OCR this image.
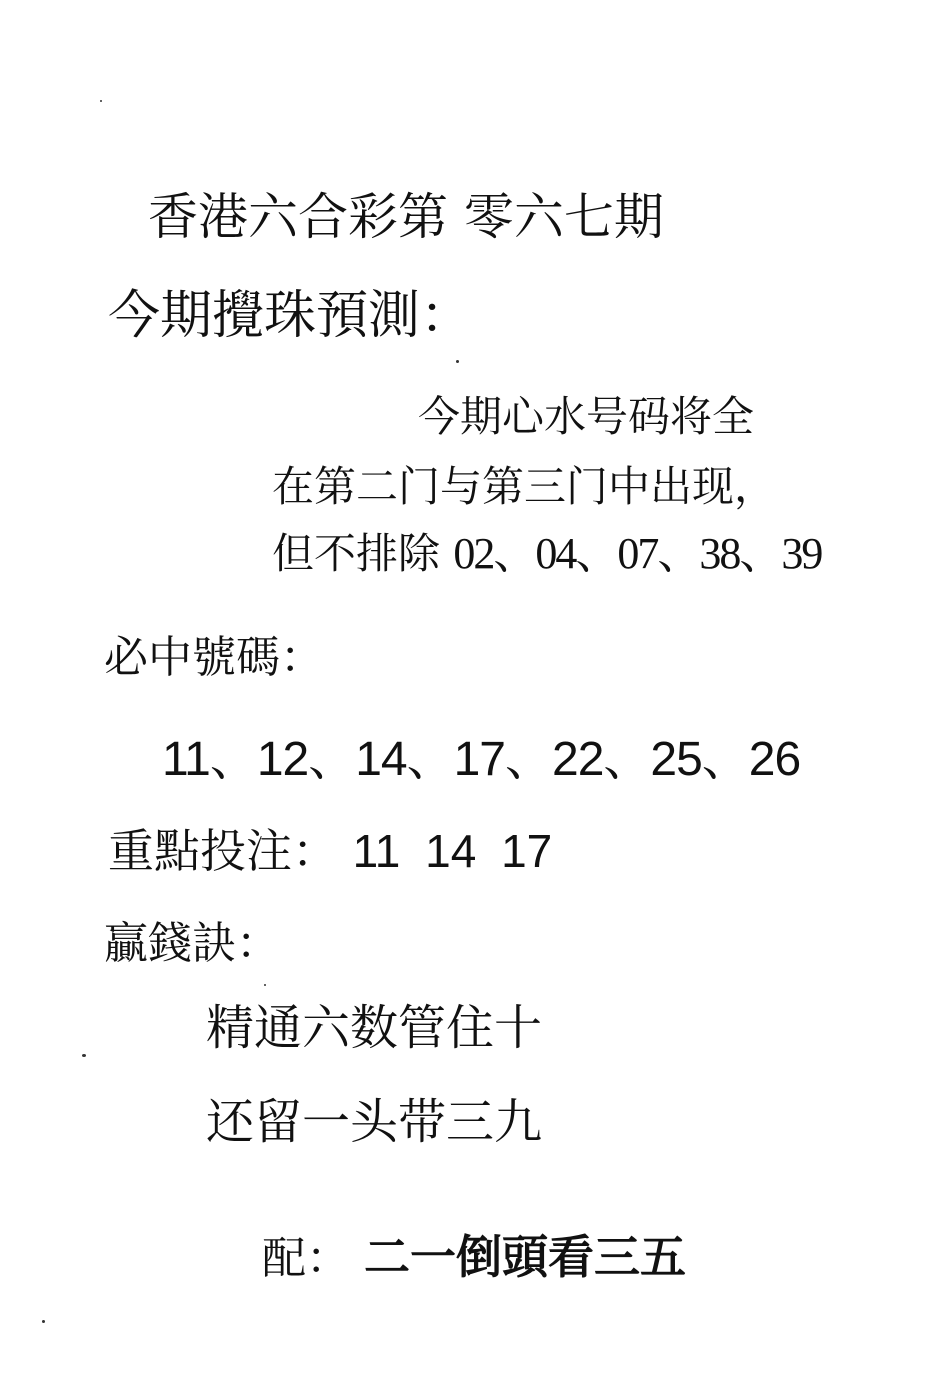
香港六合彩第 零六七期
今期攪珠預測：
今期心水号码将全
在第二门与第三门中出现，
但不排除 02、04、07、38、39
必中號碼：
11、12、14、17、22、25、26
重點投注： 11 14 17
贏錢訣：
精通六数管住十
还留一头带三九
配： 二一倒頭看三五
